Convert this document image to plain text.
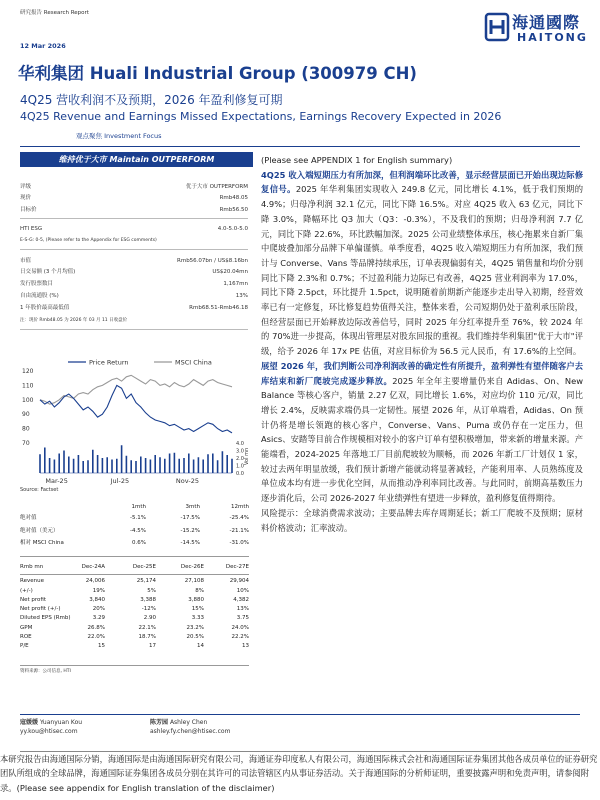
研究报告 Research Report
12 Mar 2026
海通國際
HAITONG
华利集团 Huali Industrial Group (300979 CH)
4Q25 营收利润不及预期，2026 年盈利修复可期
4Q25 Revenue and Earnings Missed Expectations, Earnings Recovery Expected in 2026
观点聚焦 Investment Focus
维持优于大市 Maintain OUTPERFORM
评级	优于大市 OUTPERFORM
现价	Rmb48.05
目标价	Rmb56.50
HTI ESG	4.0-5.0-5.0
E-S-G: 0-5, (Please refer to the Appendix for ESG comments)
市值	Rmb56.07bn / US$8.16bn
日交易额 (3 个月均值)	US$20.04mn
发行股票数目	1,167mn
自由流通股 (%)	13%
1 年股价最高最低值	Rmb68.51-Rmb46.18
注：现价 Rmb48.05 为 2026 年 03 月 11 日收盘价
Price Return	MSCI China
120
110
100
90
80
70	4.0
3.0
2.0
1.0
0.0
Vol mn
Mar-25	Jul-25	Nov-25
Source: Factset
1mth	3mth	12mth
绝对值	-5.1%	-17.5%	-25.4%
绝对值（美元）	-4.5%	-15.2%	-21.1%
相对 MSCI China	0.6%	-14.5%	-31.0%
Rmb mn	Dec-24A	Dec-25E	Dec-26E	Dec-27E
Revenue	24,006	25,174	27,108	29,904
(+/-)	19%	5%	8%	10%
Net profit	3,840	3,388	3,880	4,382
Net profit (+/-)	20%	-12%	15%	13%
Diluted EPS (Rmb)	3.29	2.90	3.33	3.75
GPM	26.8%	22.1%	23.2%	24.0%
ROE	22.0%	18.7%	20.5%	22.2%
P/E	15	17	14	13
资料来源：公司信息, HTI

(Please see APPENDIX 1 for English summary)

4Q25 收入端短期压力有所加深，但利润端环比改善，显示经营层面已开始出现边际修复信号。2025 年华利集团实现收入 249.8 亿元，同比增长 4.1%，低于我们预期的 4.9%；归母净利润 32.1 亿元，同比下降 16.5%。对应 4Q25 收入 63 亿元，同比下降 3.0%，降幅环比 Q3 加大（Q3：-0.3%），不及我们的预期；归母净利润 7.7 亿元，同比下降 22.6%，环比跌幅加深。2025 公司业绩整体承压，核心拖累来自新厂集中爬坡叠加部分品牌下单偏谨慎。单季度看，4Q25 收入端短期压力有所加深，我们预计与 Converse、Vans 等品牌持续承压，订单表现偏弱有关，4Q25 销售量和均价分别同比下降 2.3%和 0.7%；不过盈利能力边际已有改善，4Q25 营业利润率为 17.0%，同比下降 2.5pct，环比提升 1.5pct，说明随着前期新产能逐步走出导入初期，经营效率已有一定修复，环比修复趋势值得关注，整体来看，公司短期仍处于盈利承压阶段，但经营层面已开始释放边际改善信号，同时 2025 年分红率提升至 76%，较 2024 年的 70%进一步提高，体现出管理层对股东回报的重视。我们维持华利集团"优于大市"评级，给予 2026 年 17x PE 估值，对应目标价为 56.5 元人民币，有 17.6%的上空间。

展望 2026 年，我们判断公司净利润改善的确定性有所提升，盈利弹性有望伴随客户去库结束和新厂爬坡完成逐步释放。2025 年全年主要增量仍来自 Adidas、On、New Balance 等核心客户，销量 2.27 亿双，同比增长 1.6%，对应均价 110 元/双，同比增长 2.4%，反映需求端仍具一定韧性。展望 2026 年，从订单端看，Adidas、On 预计仍将是增长领跑的核心客户，Converse、Vans、Puma 或仍存在一定压力，但 Asics、安踏等目前合作规模相对较小的客户订单有望积极增加，带来新的增量来源。产能端看，2024-2025 年落地工厂目前爬坡较为顺畅，而 2026 年新工厂计划仅 1 家，较过去两年明显放缓，我们预计新增产能就动将显著减轻，产能利用率、人员熟练度及单位成本均有进一步优化空间，从而推动净利率同比改善。与此同时，前期高基数压力逐步消化后，公司 2026-2027 年业绩弹性有望进一步释放，盈利修复值得期待。

风险提示：全球消费需求波动；主要品牌去库存周期延长；新工厂爬坡不及预期；原材料价格波动；汇率波动。

寇媛媛 Yuanyuan Kou
yy.kou@htisec.com
陈芳园 Ashley Chen
ashley.fy.chen@htisec.com
本研究报告由海通国际分销，海通国际是由海通国际研究有限公司，海通证券印度私人有限公司，海通国际株式会社和海通国际证券集团其他各成员单位的证券研究团队所组成的全球品牌，海通国际证券集团各成员分别在其许可的司法管辖区内从事证券活动。关于海通国际的分析师证明，重要披露声明和免责声明，请参阅附录。(Please see appendix for English translation of the disclaimer)
